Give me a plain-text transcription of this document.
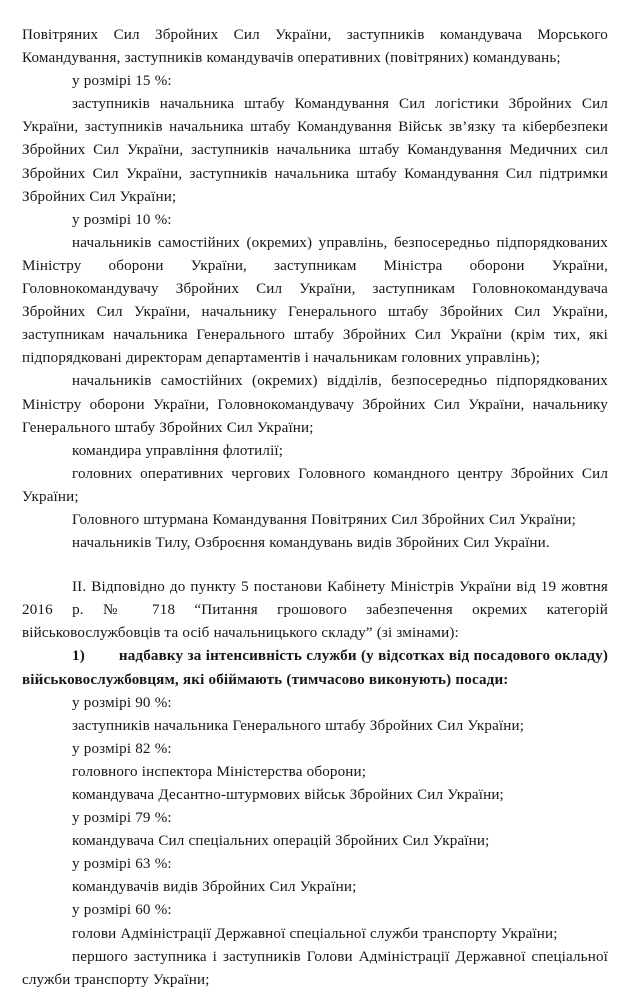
Повітряних Сил Збройних Сил України, заступників командувача Морського Командування, заступників командувачів оперативних (повітряних) командувань;

у розмірі 15 %:

заступників начальника штабу Командування Сил логістики Збройних Сил України, заступників начальника штабу Командування Військ зв’язку та кібербезпеки Збройних Сил України, заступників начальника штабу Командування Медичних сил Збройних Сил України, заступників начальника штабу Командування Сил підтримки Збройних Сил України;

у розмірі 10 %:

начальників самостійних (окремих) управлінь, безпосередньо підпорядкованих Міністру оборони України, заступникам Міністра оборони України, Головнокомандувачу Збройних Сил України, заступникам Головнокомандувача Збройних Сил України, начальнику Генерального штабу Збройних Сил України, заступникам начальника Генерального штабу Збройних Сил України (крім тих, які підпорядковані директорам департаментів і начальникам головних управлінь);

начальників самостійних (окремих) відділів, безпосередньо підпорядкованих Міністру оборони України, Головнокомандувачу Збройних Сил України, начальнику Генерального штабу Збройних Сил України;

командира управління флотилії;

головних оперативних чергових Головного командного центру Збройних Сил України;

Головного штурмана Командування Повітряних Сил Збройних Сил України;

начальників Тилу, Озброєння командувань видів Збройних Сил України.

II. Відповідно до пункту 5 постанови Кабінету Міністрів України від 19 жовтня 2016 р. № 718 “Питання грошового забезпечення окремих категорій військовослужбовців та осіб начальницького складу” (зі змінами):

1) надбавку за інтенсивність служби (у відсотках від посадового окладу) військовослужбовцям, які обіймають (тимчасово виконують) посади:

у розмірі 90 %:

заступників начальника Генерального штабу Збройних Сил України;

у розмірі 82 %:

головного інспектора Міністерства оборони;

командувача Десантно-штурмових військ Збройних Сил України;

у розмірі 79 %:

командувача Сил спеціальних операцій Збройних Сил України;

у розмірі 63 %:

командувачів видів Збройних Сил України;

у розмірі 60 %:

голови Адміністрації Державної спеціальної служби транспорту України;

першого заступника і заступників Голови Адміністрації Державної спеціальної служби транспорту України;
